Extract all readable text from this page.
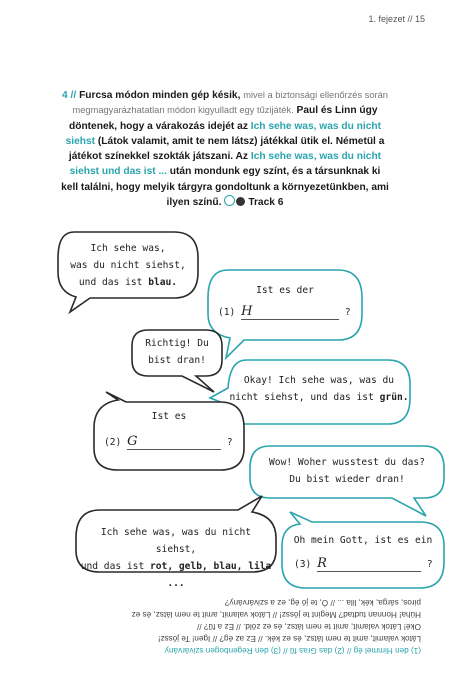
1. fejezet // 15
4 // Furcsa módon minden gép késik, mivel a biztonsági ellenőrzés során megmagyarázhatatlan módon kigyulladt egy tűzijáték. Paul és Linn úgy döntenek, hogy a várakozás idejét az Ich sehe was, was du nicht siehst (Látok valamit, amit te nem látsz) játékkal ütik el. Németül a játékot színekkel szokták játszani. Az Ich sehe was, was du nicht siehst und das ist ... után mondunk egy színt, és a társunknak ki kell találni, hogy melyik tárgyra gondoltunk a környezetünkben, ami ilyen színű.	Track 6
Ich sehe was,
was du nicht siehst,
und das ist blau.
Ist es der
(1) H	?
Richtig! Du
bist dran!
Okay! Ich sehe was, was du
nicht siehst, und das ist grün.
Ist es
(2) G	?
Wow! Woher wusstest du das?
Du bist wieder dran!
Ich sehe was, was du nicht siehst,
und das ist rot, gelb, blau, lila ...
Oh mein Gott, ist es ein
(3) R	?
(1) den Himmel ég // (2) das Gras fű // (3) den Regenbogen szivárvány
Látok valamit, amit te nem látsz, és ez kék. // Ez az ég? // Igen! Te jössz!
Oké! Látok valamit, amit te nem látsz, és ez zöld. // Ez a fű? //
Húha! Honnan tudtad? Megint te jössz! // Látok valamit, amit te nem látsz, és ez
piros, sárga, kék, lila ... // Ó, te jó ég, ez a szivárvány?
